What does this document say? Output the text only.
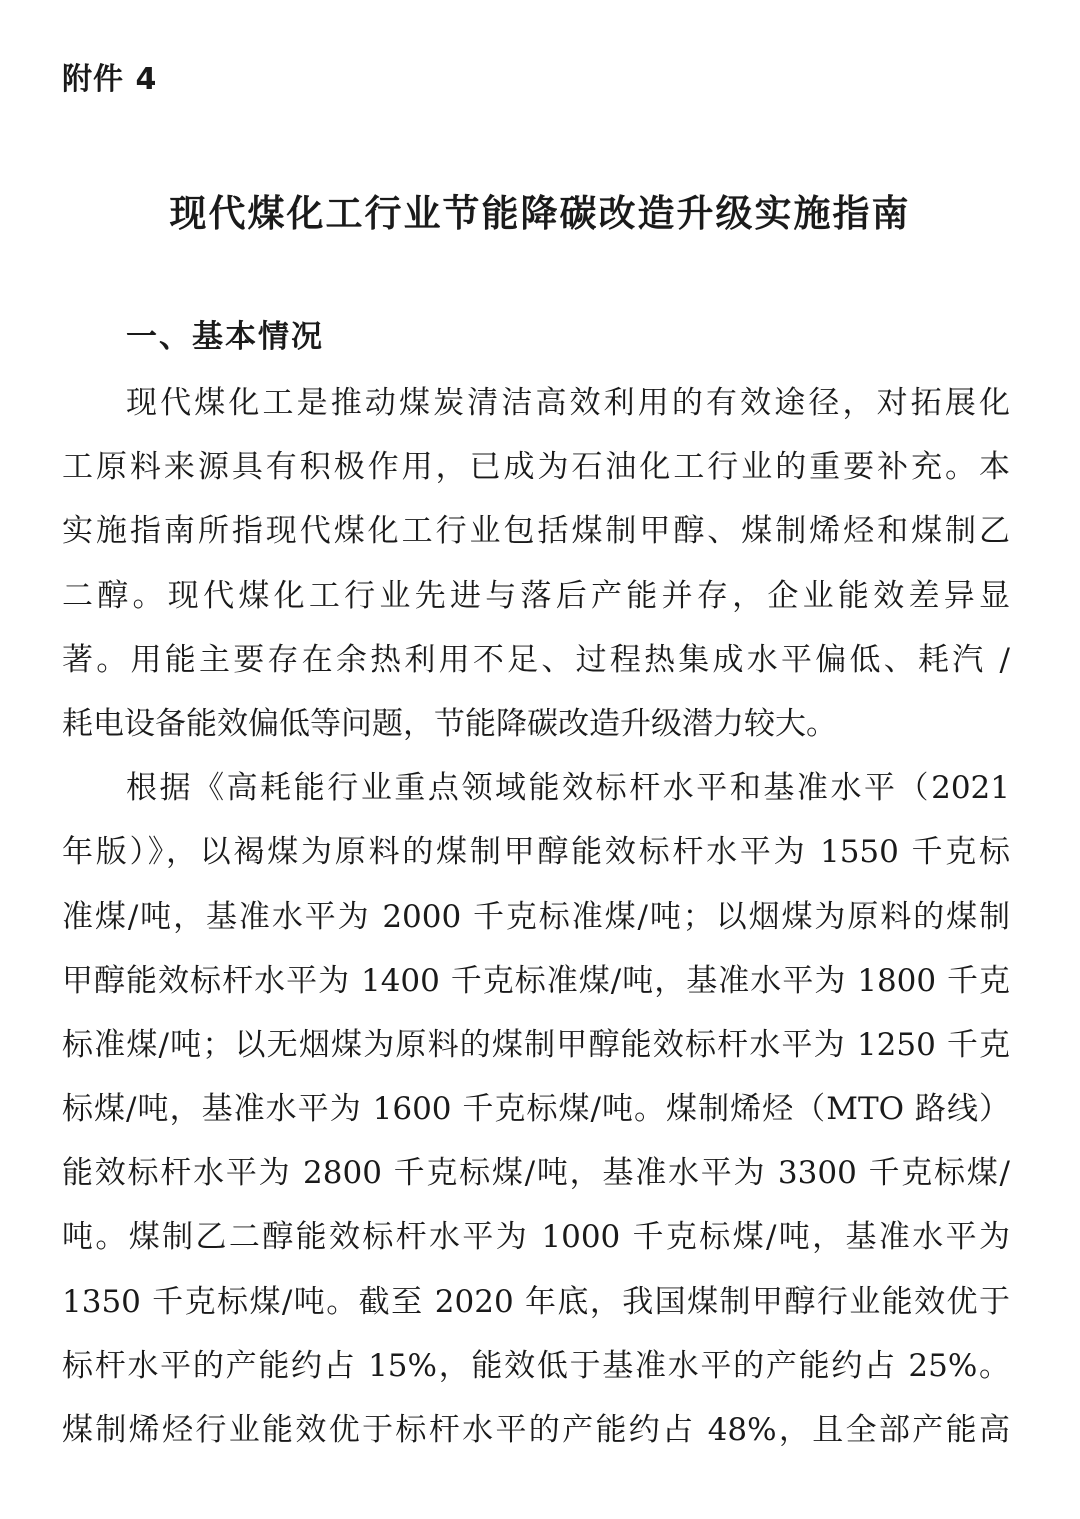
附件 4
现代煤化工行业节能降碳改造升级实施指南
一、基本情况
现代煤化工是推动煤炭清洁高效利用的有效途径，对拓展化
工原料来源具有积极作用，已成为石油化工行业的重要补充。本
实施指南所指现代煤化工行业包括煤制甲醇、煤制烯烃和煤制乙
二醇。现代煤化工行业先进与落后产能并存，企业能效差异显
著。用能主要存在余热利用不足、过程热集成水平偏低、耗汽 /
耗电设备能效偏低等问题，节能降碳改造升级潜力较大。
根据《高耗能行业重点领域能效标杆水平和基准水平（2021
年版）》，以褐煤为原料的煤制甲醇能效标杆水平为 1550 千克标
准煤/吨，基准水平为 2000 千克标准煤/吨；以烟煤为原料的煤制
甲醇能效标杆水平为 1400 千克标准煤/吨，基准水平为 1800 千克
标准煤/吨；以无烟煤为原料的煤制甲醇能效标杆水平为 1250 千克
标煤/吨，基准水平为 1600 千克标煤/吨。煤制烯烃（MTO 路线）
能效标杆水平为 2800 千克标煤/吨，基准水平为 3300 千克标煤/
吨。煤制乙二醇能效标杆水平为 1000 千克标煤/吨，基准水平为
1350 千克标煤/吨。截至 2020 年底，我国煤制甲醇行业能效优于
标杆水平的产能约占 15%，能效低于基准水平的产能约占 25%。
煤制烯烃行业能效优于标杆水平的产能约占 48%，且全部产能高
